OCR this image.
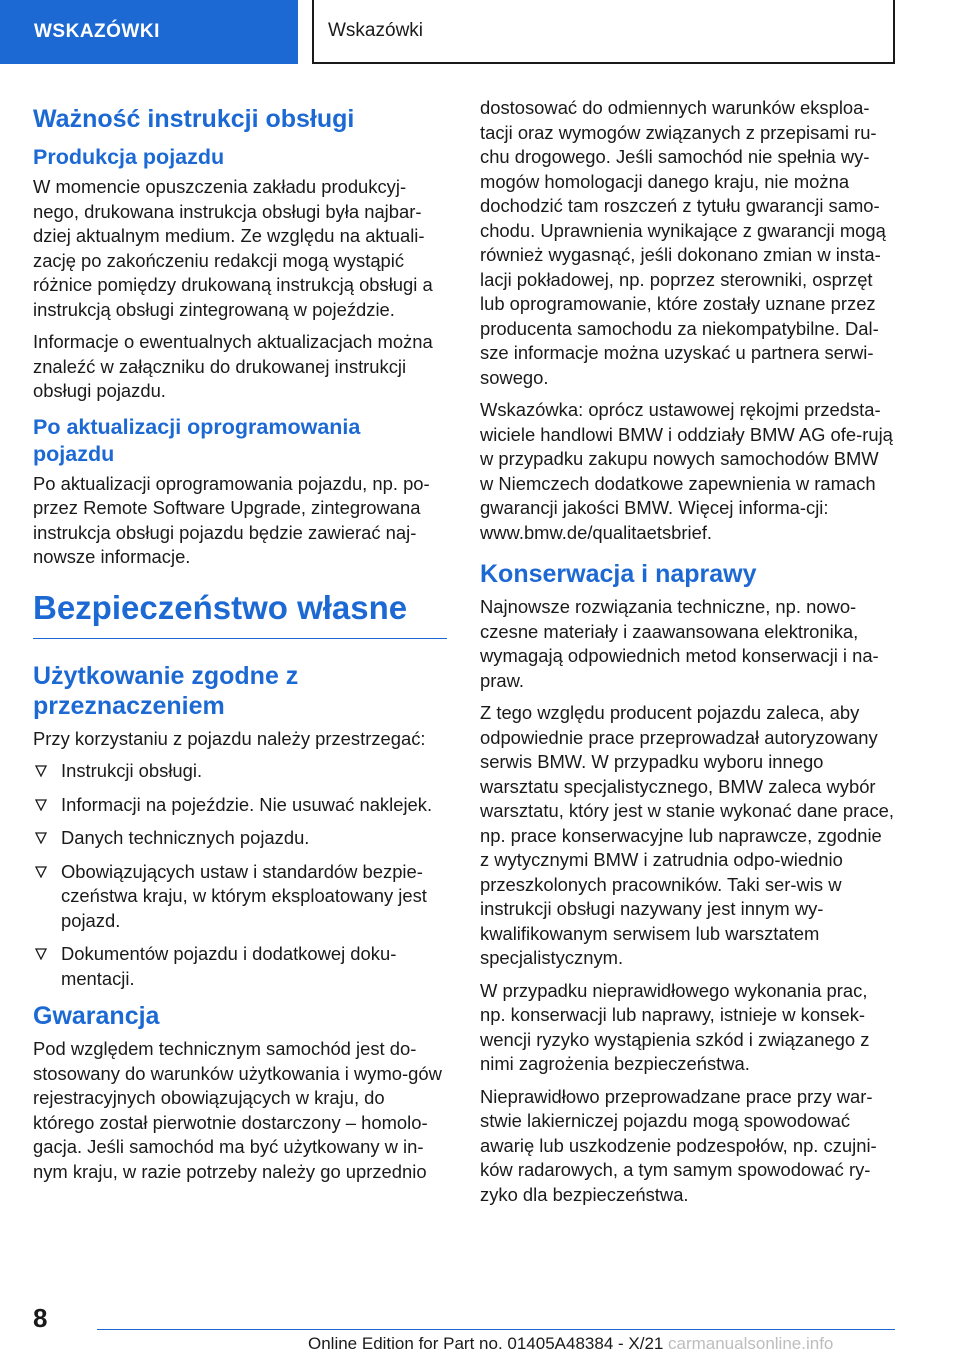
WSKAZÓWKI	Wskazówki
Ważność instrukcji obsługi
Produkcja pojazdu

W momencie opuszczenia zakładu produkcyj-nego, drukowana instrukcja obsługi była najbar-dziej aktualnym medium. Ze względu na aktuali-zację po zakończeniu redakcji mogą wystąpić różnice pomiędzy drukowaną instrukcją obsługi a instrukcją obsługi zintegrowaną w pojeździe.

Informacje o ewentualnych aktualizacjach można znaleźć w załączniku do drukowanej instrukcji obsługi pojazdu.

Po aktualizacji oprogramowania pojazdu

Po aktualizacji oprogramowania pojazdu, np. po-przez Remote Software Upgrade, zintegrowana instrukcja obsługi pojazdu będzie zawierać naj-nowsze informacje.

Bezpieczeństwo własne
Użytkowanie zgodne z przeznaczeniem

Przy korzystaniu z pojazdu należy przestrzegać:

Instrukcji obsługi.
Informacji na pojeździe. Nie usuwać naklejek.
Danych technicznych pojazdu.
Obowiązujących ustaw i standardów bezpie-czeństwa kraju, w którym eksploatowany jest pojazd.
Dokumentów pojazdu i dodatkowej doku-mentacji.
Gwarancja

Pod względem technicznym samochód jest do-stosowany do warunków użytkowania i wymo-gów rejestracyjnych obowiązujących w kraju, do którego został pierwotnie dostarczony – homolo-gacja. Jeśli samochód ma być użytkowany w in-nym kraju, w razie potrzeby należy go uprzednio

dostosować do odmiennych warunków eksploa-tacji oraz wymogów związanych z przepisami ru-chu drogowego. Jeśli samochód nie spełnia wy-mogów homologacji danego kraju, nie można dochodzić tam roszczeń z tytułu gwarancji samo-chodu. Uprawnienia wynikające z gwarancji mogą również wygasnąć, jeśli dokonano zmian w insta-lacji pokładowej, np. poprzez sterowniki, osprzęt lub oprogramowanie, które zostały uznane przez producenta samochodu za niekompatybilne. Dal-sze informacje można uzyskać u partnera serwi-sowego.

Wskazówka: oprócz ustawowej rękojmi przedsta-wiciele handlowi BMW i oddziały BMW AG ofe-rują w przypadku zakupu nowych samochodów BMW w Niemczech dodatkowe zapewnienia w ramach gwarancji jakości BMW. Więcej informa-cji: www.bmw.de/qualitaetsbrief.

Konserwacja i naprawy

Najnowsze rozwiązania techniczne, np. nowo-czesne materiały i zaawansowana elektronika, wymagają odpowiednich metod konserwacji i na-praw.

Z tego względu producent pojazdu zaleca, aby odpowiednie prace przeprowadzał autoryzowany serwis BMW. W przypadku wyboru innego warsztatu specjalistycznego, BMW zaleca wybór warsztatu, który jest w stanie wykonać dane prace, np. prace konserwacyjne lub naprawcze, zgodnie z wytycznymi BMW i zatrudnia odpo-wiednio przeszkolonych pracowników. Taki ser-wis w instrukcji obsługi nazywany jest innym wy-kwalifikowanym serwisem lub warsztatem specjalistycznym.

W przypadku nieprawidłowego wykonania prac, np. konserwacji lub naprawy, istnieje w konsek-wencji ryzyko wystąpienia szkód i związanego z nimi zagrożenia bezpieczeństwa.

Nieprawidłowo przeprowadzane prace przy war-stwie lakierniczej pojazdu mogą spowodować awarię lub uszkodzenie podzespołów, np. czujni-ków radarowych, a tym samym spowodować ry-zyko dla bezpieczeństwa.

8
Online Edition for Part no. 01405A48384 - X/21 carmanualsonline.info
